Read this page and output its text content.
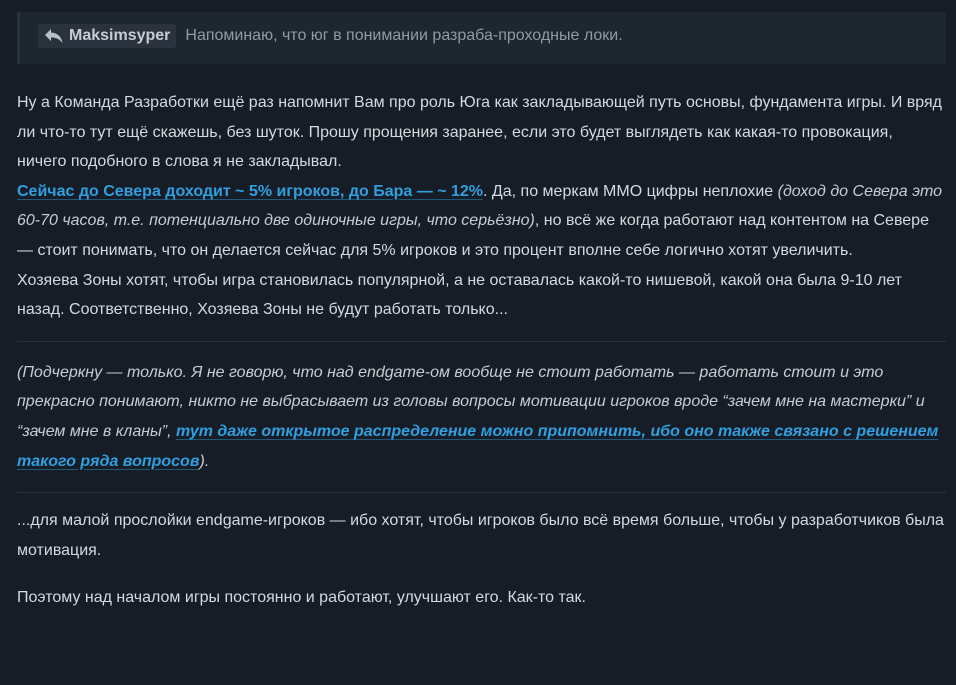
Maksimsyper Напоминаю, что юг в понимании разраба-проходные локи.

Ну а Команда Разработки ещё раз напомнит Вам про роль Юга как закладывающей путь основы, фундамента игры. И вряд ли что-то тут ещё скажешь, без шуток. Прошу прощения заранее, если это будет выглядеть как какая-то провокация, ничего подобного в слова я не закладывал.

Сейчас до Севера доходит ~ 5% игроков, до Бара — ~ 12%. Да, по меркам ММО цифры неплохие (доход до Севера это 60-70 часов, т.е. потенциально две одиночные игры, что серьёзно), но всё же когда работают над контентом на Севере — стоит понимать, что он делается сейчас для 5% игроков и это процент вполне себе логично хотят увеличить.

Хозяева Зоны хотят, чтобы игра становилась популярной, а не оставалась какой-то нишевой, какой она была 9-10 лет назад. Соответственно, Хозяева Зоны не будут работать только...

(Подчеркну — только. Я не говорю, что над endgame-ом вообще не стоит работать — работать стоит и это прекрасно понимают, никто не выбрасывает из головы вопросы мотивации игроков вроде “зачем мне на мастерки” и “зачем мне в кланы”, тут даже открытое распределение можно припомнить, ибо оно также связано с решением такого ряда вопросов).

...для малой прослойки endgame-игроков — ибо хотят, чтобы игроков было всё время больше, чтобы у разработчиков была мотивация.

Поэтому над началом игры постоянно и работают, улучшают его. Как-то так.
